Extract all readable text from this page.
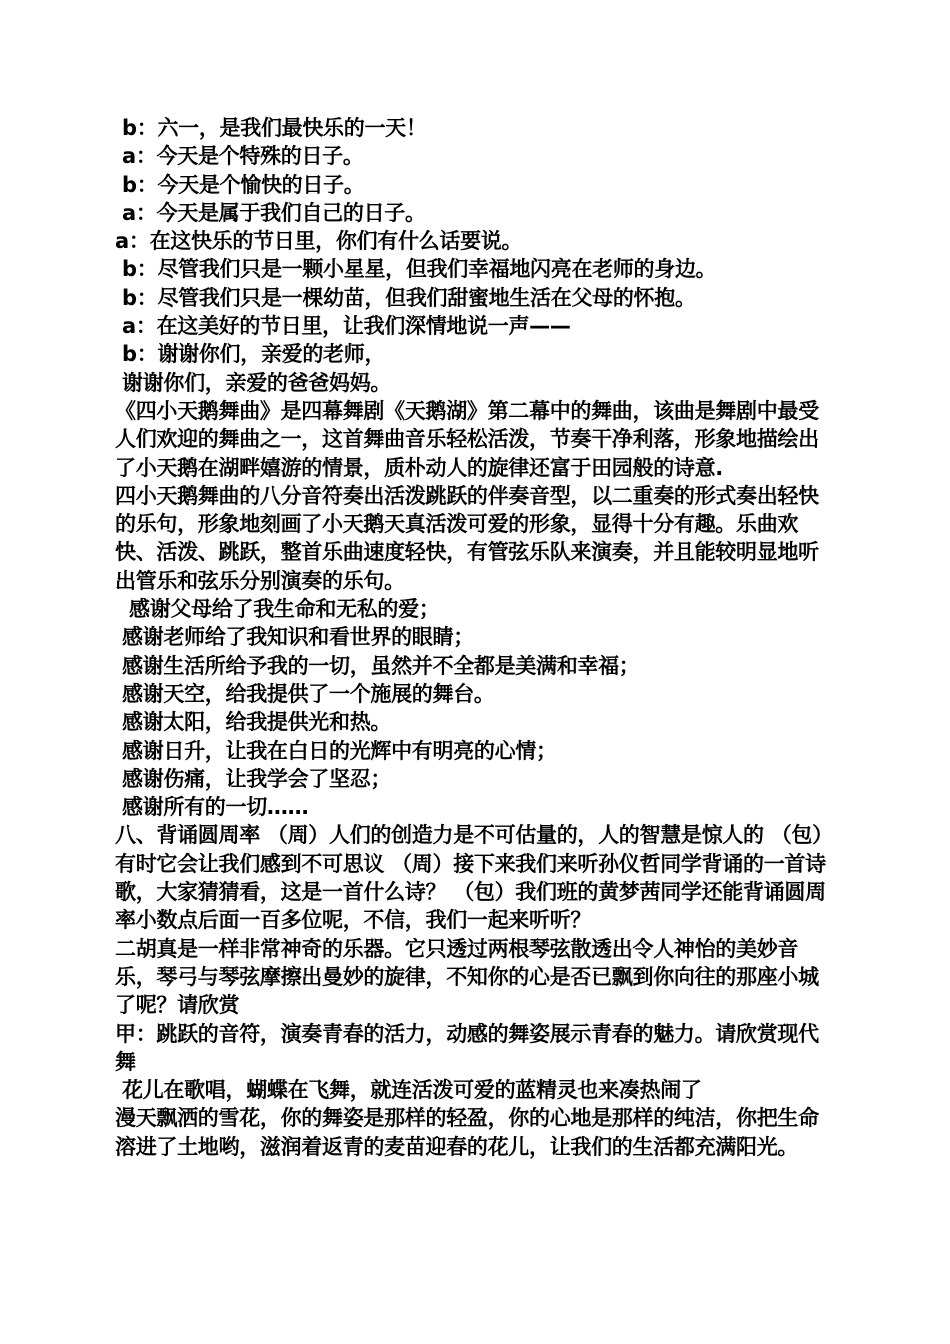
b：六一，是我们最快乐的一天！
a：今天是个特殊的日子。
b：今天是个愉快的日子。
a：今天是属于我们自己的日子。
a：在这快乐的节日里，你们有什么话要说。
b：尽管我们只是一颗小星星，但我们幸福地闪亮在老师的身边。
b：尽管我们只是一棵幼苗，但我们甜蜜地生活在父母的怀抱。
a：在这美好的节日里，让我们深情地说一声——
b：谢谢你们，亲爱的老师，
谢谢你们，亲爱的爸爸妈妈。
《四小天鹅舞曲》是四幕舞剧《天鹅湖》第二幕中的舞曲，该曲是舞剧中最受人们欢迎的舞曲之一，这首舞曲音乐轻松活泼，节奏干净利落，形象地描绘出了小天鹅在湖畔嬉游的情景，质朴动人的旋律还富于田园般的诗意.
四小天鹅舞曲的八分音符奏出活泼跳跃的伴奏音型，以二重奏的形式奏出轻快的乐句，形象地刻画了小天鹅天真活泼可爱的形象，显得十分有趣。乐曲欢快、活泼、跳跃，整首乐曲速度轻快，有管弦乐队来演奏，并且能较明显地听出管乐和弦乐分别演奏的乐句。
感谢父母给了我生命和无私的爱；
感谢老师给了我知识和看世界的眼睛；
感谢生活所给予我的一切，虽然并不全都是美满和幸福；
感谢天空，给我提供了一个施展的舞台。
感谢太阳，给我提供光和热。
感谢日升，让我在白日的光辉中有明亮的心情；
感谢伤痛，让我学会了坚忍；
感谢所有的一切……
八、背诵圆周率 （周）人们的创造力是不可估量的，人的智慧是惊人的 （包）有时它会让我们感到不可思议 （周）接下来我们来听孙仪哲同学背诵的一首诗歌，大家猜猜看，这是一首什么诗？ （包）我们班的黄梦茜同学还能背诵圆周率小数点后面一百多位呢，不信，我们一起来听听？
二胡真是一样非常神奇的乐器。它只透过两根琴弦散透出令人神怡的美妙音乐，琴弓与琴弦摩擦出曼妙的旋律，不知你的心是否已飘到你向往的那座小城了呢？请欣赏
甲：跳跃的音符，演奏青春的活力，动感的舞姿展示青春的魅力。请欣赏现代舞
花儿在歌唱，蝴蝶在飞舞，就连活泼可爱的蓝精灵也来凑热闹了
漫天飘洒的雪花，你的舞姿是那样的轻盈，你的心地是那样的纯洁，你把生命溶进了土地哟，滋润着返青的麦苗迎春的花儿，让我们的生活都充满阳光。
